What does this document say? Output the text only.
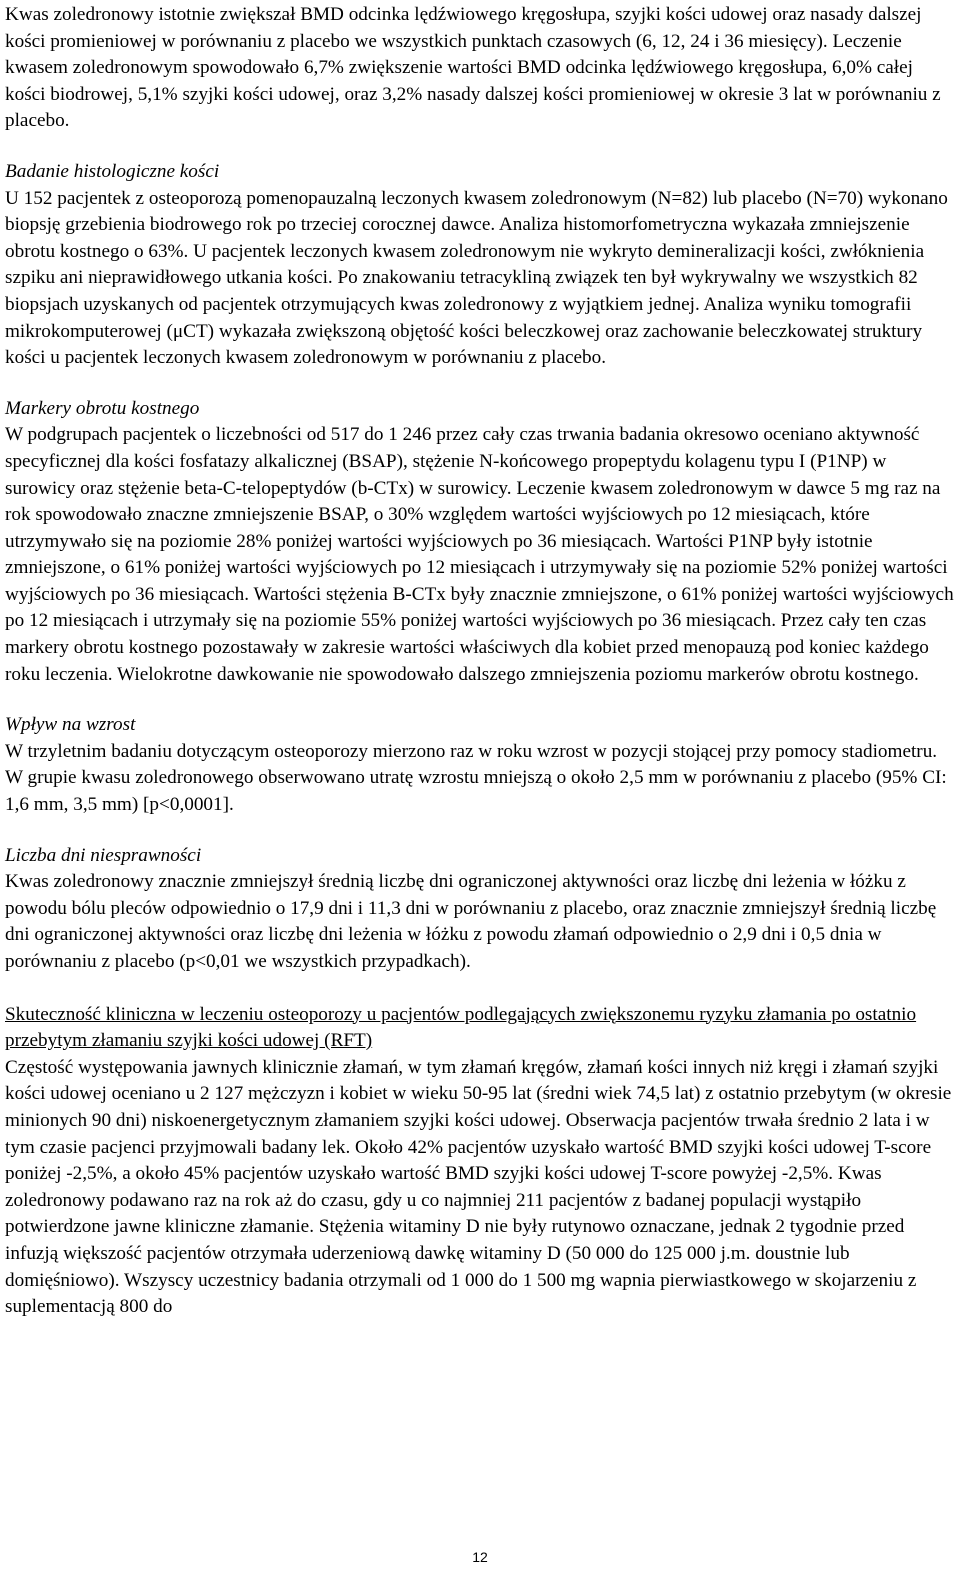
Kwas zoledronowy istotnie zwiększał BMD odcinka lędźwiowego kręgosłupa, szyjki kości udowej oraz nasady dalszej kości promieniowej w porównaniu z placebo we wszystkich punktach czasowych (6, 12, 24 i 36 miesięcy). Leczenie kwasem zoledronowym spowodowało 6,7% zwiększenie wartości BMD odcinka lędźwiowego kręgosłupa, 6,0% całej kości biodrowej, 5,1% szyjki kości udowej, oraz 3,2% nasady dalszej kości promieniowej w okresie 3 lat w porównaniu z placebo.

Badanie histologiczne kości

U 152 pacjentek z osteoporozą pomenopauzalną leczonych kwasem zoledronowym (N=82) lub placebo (N=70) wykonano biopsję grzebienia biodrowego rok po trzeciej corocznej dawce. Analiza histomorfometryczna wykazała zmniejszenie obrotu kostnego o 63%. U pacjentek leczonych kwasem zoledronowym nie wykryto demineralizacji kości, zwłóknienia szpiku ani nieprawidłowego utkania kości. Po znakowaniu tetracykliną związek ten był wykrywalny we wszystkich 82 biopsjach uzyskanych od pacjentek otrzymujących kwas zoledronowy z wyjątkiem jednej. Analiza wyniku tomografii mikrokomputerowej (μCT) wykazała zwiększoną objętość kości beleczkowej oraz zachowanie beleczkowatej struktury kości u pacjentek leczonych kwasem zoledronowym w porównaniu z placebo.

Markery obrotu kostnego

W podgrupach pacjentek o liczebności od 517 do 1 246 przez cały czas trwania badania okresowo oceniano aktywność specyficznej dla kości fosfatazy alkalicznej (BSAP), stężenie N-końcowego propeptydu kolagenu typu I (P1NP) w surowicy oraz stężenie beta-C-telopeptydów (b-CTx) w surowicy. Leczenie kwasem zoledronowym w dawce 5 mg raz na rok spowodowało znaczne zmniejszenie BSAP, o 30% względem wartości wyjściowych po 12 miesiącach, które utrzymywało się na poziomie 28% poniżej wartości wyjściowych po 36 miesiącach. Wartości P1NP były istotnie zmniejszone, o 61% poniżej wartości wyjściowych po 12 miesiącach i utrzymywały się na poziomie 52% poniżej wartości wyjściowych po 36 miesiącach. Wartości stężenia B-CTx były znacznie zmniejszone, o 61% poniżej wartości wyjściowych po 12 miesiącach i utrzymały się na poziomie 55% poniżej wartości wyjściowych po 36 miesiącach. Przez cały ten czas markery obrotu kostnego pozostawały w zakresie wartości właściwych dla kobiet przed menopauzą pod koniec każdego roku leczenia. Wielokrotne dawkowanie nie spowodowało dalszego zmniejszenia poziomu markerów obrotu kostnego.

Wpływ na wzrost

W trzyletnim badaniu dotyczącym osteoporozy mierzono raz w roku wzrost w pozycji stojącej przy pomocy stadiometru. W grupie kwasu zoledronowego obserwowano utratę wzrostu mniejszą o około 2,5 mm w porównaniu z placebo (95% CI: 1,6 mm, 3,5 mm) [p<0,0001].

Liczba dni niesprawności

Kwas zoledronowy znacznie zmniejszył średnią liczbę dni ograniczonej aktywności oraz liczbę dni leżenia w łóżku z powodu bólu pleców odpowiednio o 17,9 dni i 11,3 dni w porównaniu z placebo, oraz znacznie zmniejszył średnią liczbę dni ograniczonej aktywności oraz liczbę dni leżenia w łóżku z powodu złamań odpowiednio o 2,9 dni i 0,5 dnia w porównaniu z placebo (p<0,01 we wszystkich przypadkach).

Skuteczność kliniczna w leczeniu osteoporozy u pacjentów podlegających zwiększonemu ryzyku złamania po ostatnio przebytym złamaniu szyjki kości udowej (RFT)

Częstość występowania jawnych klinicznie złamań, w tym złamań kręgów, złamań kości innych niż kręgi i złamań szyjki kości udowej oceniano u 2 127 mężczyzn i kobiet w wieku 50-95 lat (średni wiek 74,5 lat) z ostatnio przebytym (w okresie minionych 90 dni) niskoenergetycznym złamaniem szyjki kości udowej. Obserwacja pacjentów trwała średnio 2 lata i w tym czasie pacjenci przyjmowali badany lek. Około 42% pacjentów uzyskało wartość BMD szyjki kości udowej T-score poniżej -2,5%, a około 45% pacjentów uzyskało wartość BMD szyjki kości udowej T-score powyżej -2,5%. Kwas zoledronowy podawano raz na rok aż do czasu, gdy u co najmniej 211 pacjentów z badanej populacji wystąpiło potwierdzone jawne kliniczne złamanie. Stężenia witaminy D nie były rutynowo oznaczane, jednak 2 tygodnie przed infuzją większość pacjentów otrzymała uderzeniową dawkę witaminy D (50 000 do 125 000 j.m. doustnie lub domięśniowo). Wszyscy uczestnicy badania otrzymali od 1 000 do 1 500 mg wapnia pierwiastkowego w skojarzeniu z suplementacją 800 do

12
